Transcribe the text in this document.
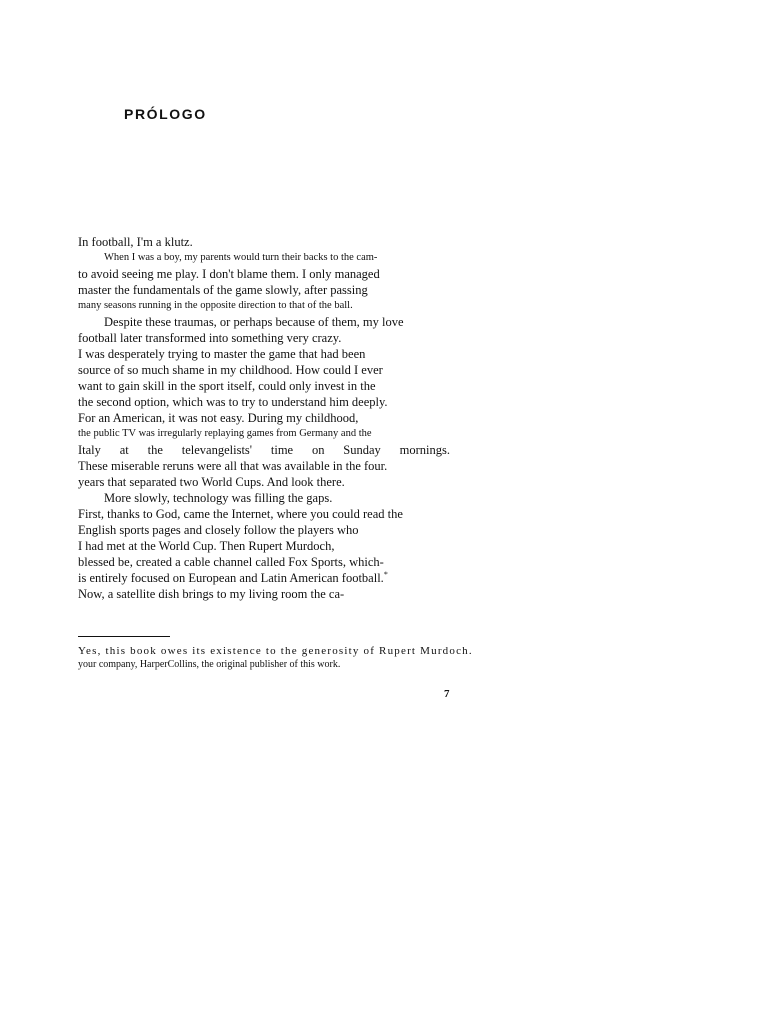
PRÓLOGO
In football, I'm a klutz.
When I was a boy, my parents would turn their backs to the cam-
to avoid seeing me play. I don't blame them. I only managed
master the fundamentals of the game slowly, after passing
many seasons running in the opposite direction to that of the ball.
Despite these traumas, or perhaps because of them, my love
football later transformed into something very crazy.
I was desperately trying to master the game that had been
source of so much shame in my childhood. How could I ever
want to gain skill in the sport itself, could only invest in the
the second option, which was to try to understand him deeply.
For an American, it was not easy. During my childhood,
the public TV was irregularly replaying games from Germany and the
Italy at the televangelists' time on Sunday mornings.
These miserable reruns were all that was available in the four.
years that separated two World Cups. And look there.
More slowly, technology was filling the gaps.
First, thanks to God, came the Internet, where you could read the
English sports pages and closely follow the players who
I had met at the World Cup. Then Rupert Murdoch,
blessed be, created a cable channel called Fox Sports, which-
is entirely focused on European and Latin American football.*
Now, a satellite dish brings to my living room the ca-
Yes, this book owes its existence to the generosity of Rupert Murdoch.
your company, HarperCollins, the original publisher of this work.
7
